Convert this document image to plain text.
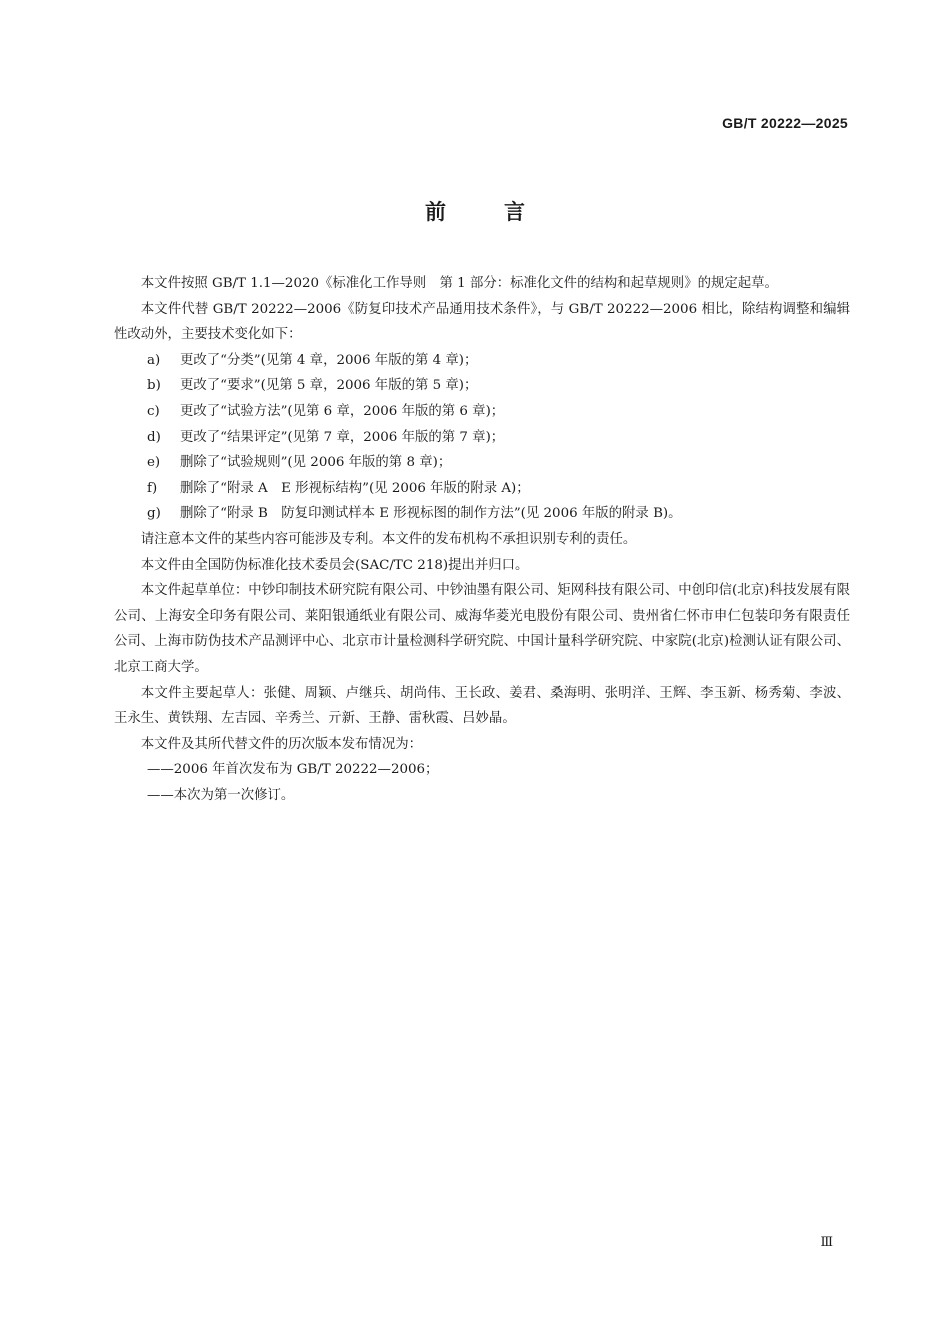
GB/T 20222—2025
前言

本文件按照 GB/T 1.1—2020《标准化工作导则　第 1 部分：标准化文件的结构和起草规则》的规定起草。

本文件代替 GB/T 20222—2006《防复印技术产品通用技术条件》，与 GB/T 20222—2006 相比，除结构调整和编辑性改动外，主要技术变化如下：

a)	更改了“分类”(见第 4 章，2006 年版的第 4 章)；
b)	更改了“要求”(见第 5 章，2006 年版的第 5 章)；
c)	更改了“试验方法”(见第 6 章，2006 年版的第 6 章)；
d)	更改了“结果评定”(见第 7 章，2006 年版的第 7 章)；
e)	删除了“试验规则”(见 2006 年版的第 8 章)；
f)	删除了“附录 A　E 形视标结构”(见 2006 年版的附录 A)；
g)	删除了“附录 B　防复印测试样本 E 形视标图的制作方法”(见 2006 年版的附录 B)。

请注意本文件的某些内容可能涉及专利。本文件的发布机构不承担识别专利的责任。

本文件由全国防伪标准化技术委员会(SAC/TC 218)提出并归口。

本文件起草单位：中钞印制技术研究院有限公司、中钞油墨有限公司、矩网科技有限公司、中创印信(北京)科技发展有限公司、上海安全印务有限公司、莱阳银通纸业有限公司、威海华菱光电股份有限公司、贵州省仁怀市申仁包装印务有限责任公司、上海市防伪技术产品测评中心、北京市计量检测科学研究院、中国计量科学研究院、中家院(北京)检测认证有限公司、北京工商大学。

本文件主要起草人：张健、周颖、卢继兵、胡尚伟、王长政、姜君、桑海明、张明洋、王辉、李玉新、杨秀菊、李波、王永生、黄铁翔、左吉园、辛秀兰、亓新、王静、雷秋霞、吕妙晶。

本文件及其所代替文件的历次版本发布情况为：

——2006 年首次发布为 GB/T 20222—2006；
——本次为第一次修订。
Ⅲ
